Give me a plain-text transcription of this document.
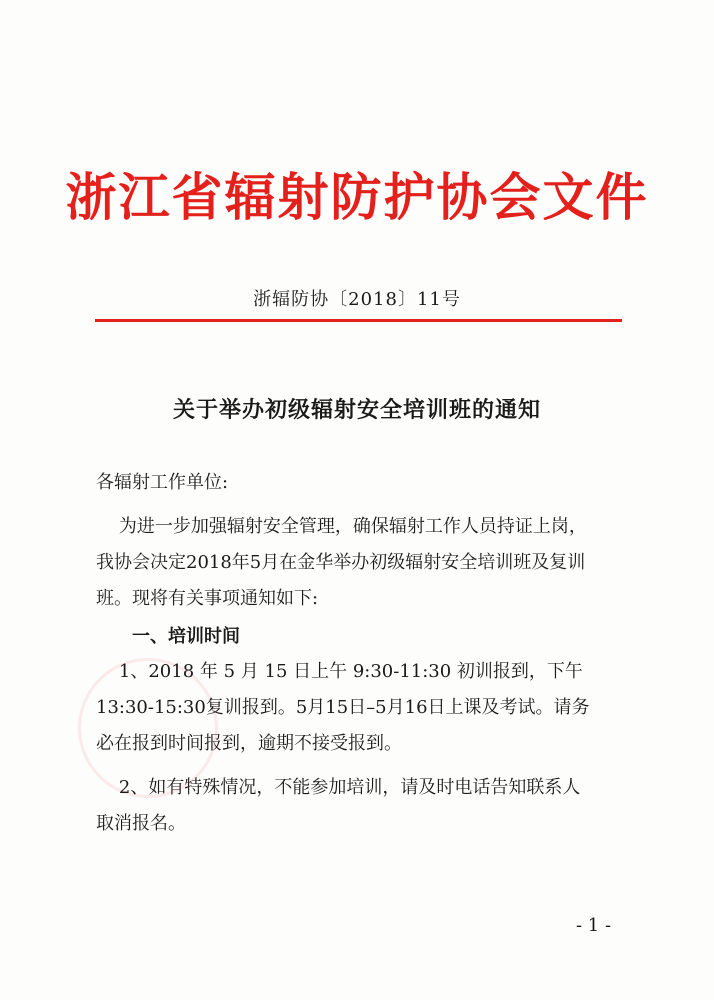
浙江省辐射防护协会文件
浙辐防协〔2018〕11号
关于举办初级辐射安全培训班的通知
各辐射工作单位:
为进一步加强辐射安全管理，确保辐射工作人员持证上岗，
我协会决定2018年5月在金华举办初级辐射安全培训班及复训
班。现将有关事项通知如下:
一、培训时间
1、2018 年 5 月 15 日上午 9:30-11:30 初训报到，下午
13:30-15:30复训报到。5月15日–5月16日上课及考试。请务
必在报到时间报到，逾期不接受报到。
2、如有特殊情况，不能参加培训，请及时电话告知联系人
取消报名。
- 1 -
